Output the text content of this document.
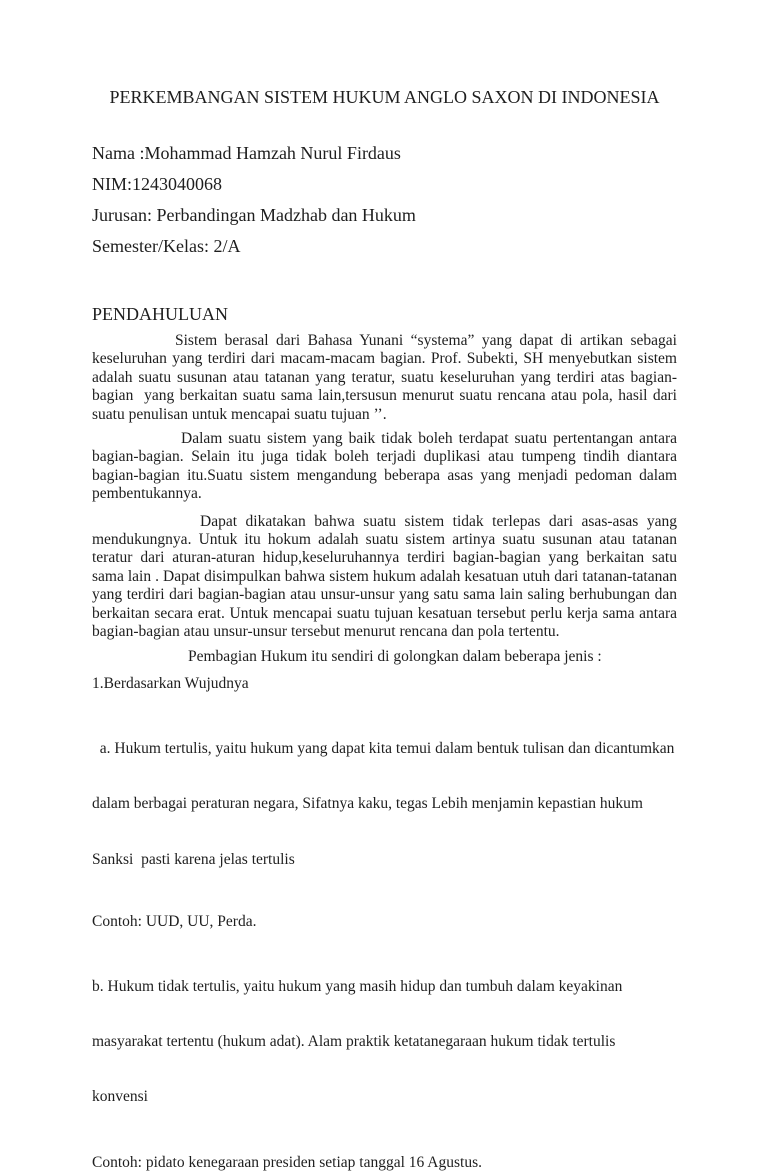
PERKEMBANGAN SISTEM HUKUM ANGLO SAXON DI INDONESIA

Nama :Mohammad Hamzah Nurul Firdaus

NIM:1243040068

Jurusan: Perbandingan Madzhab dan Hukum

Semester/Kelas: 2/A

PENDAHULUAN

Sistem berasal dari Bahasa Yunani “systema” yang dapat di artikan sebagai keseluruhan yang terdiri dari macam-macam bagian. Prof. Subekti, SH menyebutkan sistem adalah suatu susunan atau tatanan yang teratur, suatu keseluruhan yang terdiri atas bagian-bagian  yang berkaitan suatu sama lain,tersusun menurut suatu rencana atau pola, hasil dari suatu penulisan untuk mencapai suatu tujuan ’’.

Dalam suatu sistem yang baik tidak boleh terdapat suatu pertentangan antara bagian-bagian. Selain itu juga tidak boleh terjadi duplikasi atau tumpeng tindih diantara bagian-bagian itu.Suatu sistem mengandung beberapa asas yang menjadi pedoman dalam pembentukannya.

Dapat dikatakan bahwa suatu sistem tidak terlepas dari asas-asas yang mendukungnya. Untuk itu hokum adalah suatu sistem artinya suatu susunan atau tatanan teratur dari aturan-aturan hidup,keseluruhannya terdiri bagian-bagian yang berkaitan satu sama lain . Dapat disimpulkan bahwa sistem hukum adalah kesatuan utuh dari tatanan-tatanan yang terdiri dari bagian-bagian atau unsur-unsur yang satu sama lain saling berhubungan dan berkaitan secara erat. Untuk mencapai suatu tujuan kesatuan tersebut perlu kerja sama antara bagian-bagian atau unsur-unsur tersebut menurut rencana dan pola tertentu.

Pembagian Hukum itu sendiri di golongkan dalam beberapa jenis :

1.Berdasarkan Wujudnya

a. Hukum tertulis, yaitu hukum yang dapat kita temui dalam bentuk tulisan dan dicantumkan

dalam berbagai peraturan negara, Sifatnya kaku, tegas Lebih menjamin kepastian hukum

Sanksi  pasti karena jelas tertulis

Contoh: UUD, UU, Perda.

b. Hukum tidak tertulis, yaitu hukum yang masih hidup dan tumbuh dalam keyakinan

masyarakat tertentu (hukum adat). Alam praktik ketatanegaraan hukum tidak tertulis

konvensi

Contoh: pidato kenegaraan presiden setiap tanggal 16 Agustus.
